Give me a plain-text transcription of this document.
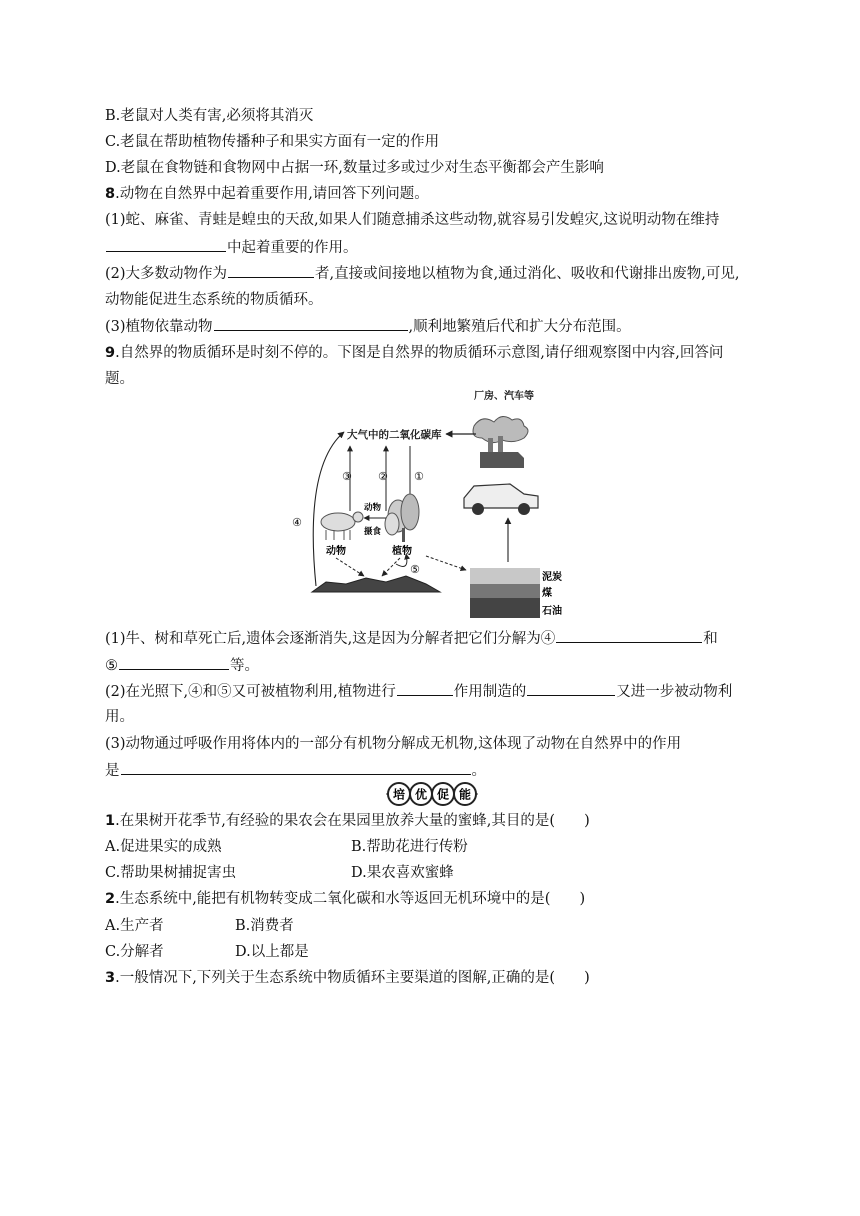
B.老鼠对人类有害,必须将其消灭
C.老鼠在帮助植物传播种子和果实方面有一定的作用
D.老鼠在食物链和食物网中占据一环,数量过多或过少对生态平衡都会产生影响
8.动物在自然界中起着重要作用,请回答下列问题。
(1)蛇、麻雀、青蛙是蝗虫的天敌,如果人们随意捕杀这些动物,就容易引发蝗灾,这说明动物在维持
中起着重要的作用。
(2)大多数动物作为	者,直接或间接地以植物为食,通过消化、吸收和代谢排出废物,可见,
动物能促进生态系统的物质循环。
(3)植物依靠动物	,顺利地繁殖后代和扩大分布范围。
9.自然界的物质循环是时刻不停的。下图是自然界的物质循环示意图,请仔细观察图中内容,回答问
题。
厂房、汽车等
大气中的二氧化碳库
③ ② ①
④
动物
摄食
动物	植物
⑤
泥炭
煤
石油
(1)牛、树和草死亡后,遗体会逐渐消失,这是因为分解者把它们分解为④	和
⑤	等。
(2)在光照下,④和⑤又可被植物利用,植物进行	作用制造的	又进一步被动物利
用。
(3)动物通过呼吸作用将体内的一部分有机物分解成无机物,这体现了动物在自然界中的作用
是	。
培 优 促 能
1.在果树开花季节,有经验的果农会在果园里放养大量的蜜蜂,其目的是(　　)
A.促进果实的成熟	B.帮助花进行传粉
C.帮助果树捕捉害虫	D.果农喜欢蜜蜂
2.生态系统中,能把有机物转变成二氧化碳和水等返回无机环境中的是(　　)
A.生产者	B.消费者
C.分解者	D.以上都是
3.一般情况下,下列关于生态系统中物质循环主要渠道的图解,正确的是(　　)
